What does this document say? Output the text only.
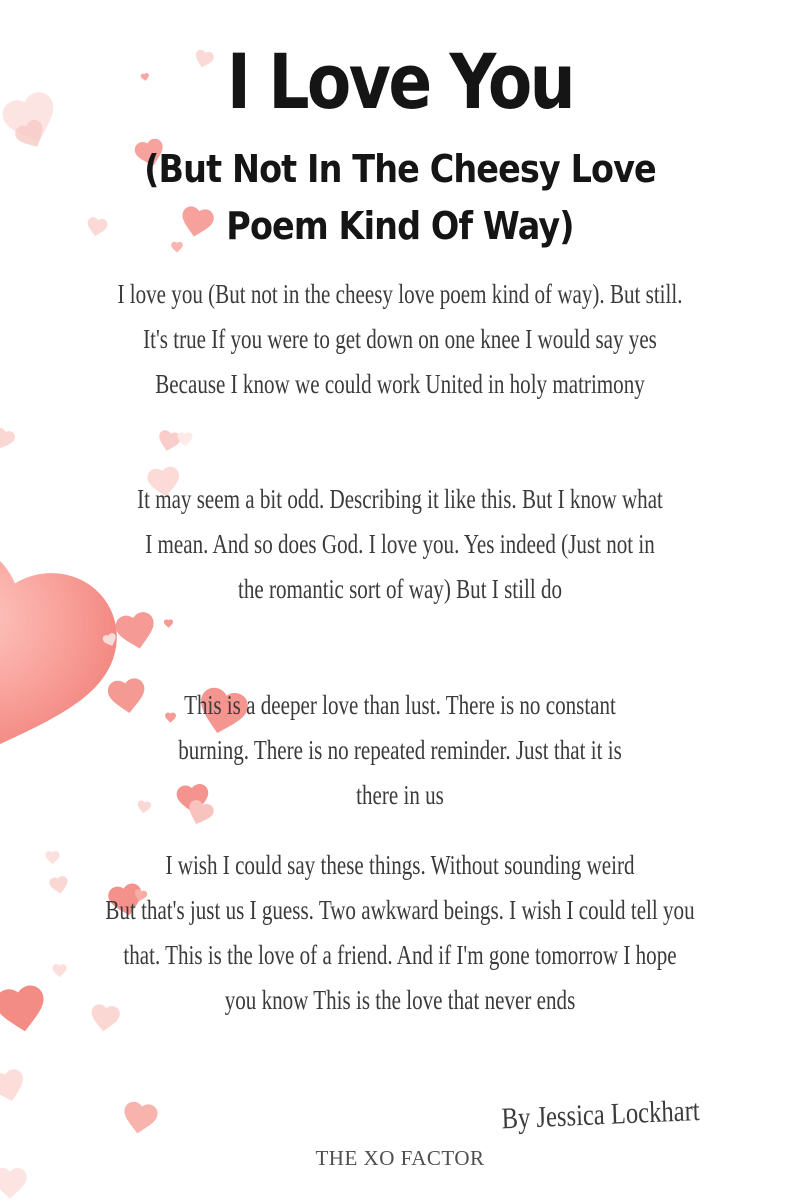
I Love You
(But Not In The Cheesy Love
Poem Kind Of Way)
I love you (But not in the cheesy love poem kind of way). But still.
It's true If you were to get down on one knee I would say yes
Because I know we could work United in holy matrimony
It may seem a bit odd. Describing it like this. But I know what
I mean. And so does God. I love you. Yes indeed (Just not in
the romantic sort of way) But I still do
This is a deeper love than lust. There is no constant
burning. There is no repeated reminder. Just that it is
there in us
I wish I could say these things. Without sounding weird
But that's just us I guess. Two awkward beings. I wish I could tell you
that. This is the love of a friend. And if I'm gone tomorrow I hope
you know This is the love that never ends
By Jessica Lockhart
THE XO FACTOR
